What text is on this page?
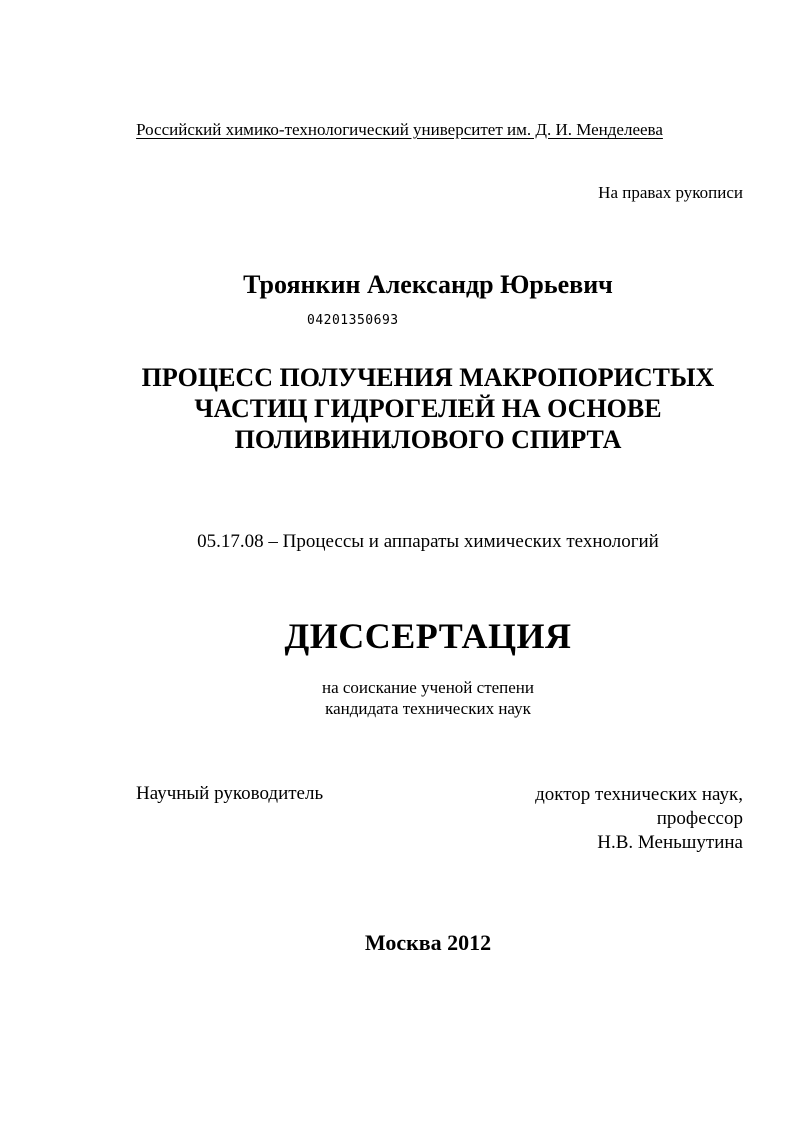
Российский химико-технологический университет им. Д. И. Менделеева
На правах рукописи
Троянкин Александр Юрьевич
04201350693
ПРОЦЕСС ПОЛУЧЕНИЯ МАКРОПОРИСТЫХ
ЧАСТИЦ ГИДРОГЕЛЕЙ НА ОСНОВЕ
ПОЛИВИНИЛОВОГО СПИРТА
05.17.08 – Процессы и аппараты химических технологий
ДИССЕРТАЦИЯ
на соискание ученой степени
кандидата технических наук
Научный руководитель	доктор технических наук,
профессор
Н.В. Меньшутина
Москва 2012
